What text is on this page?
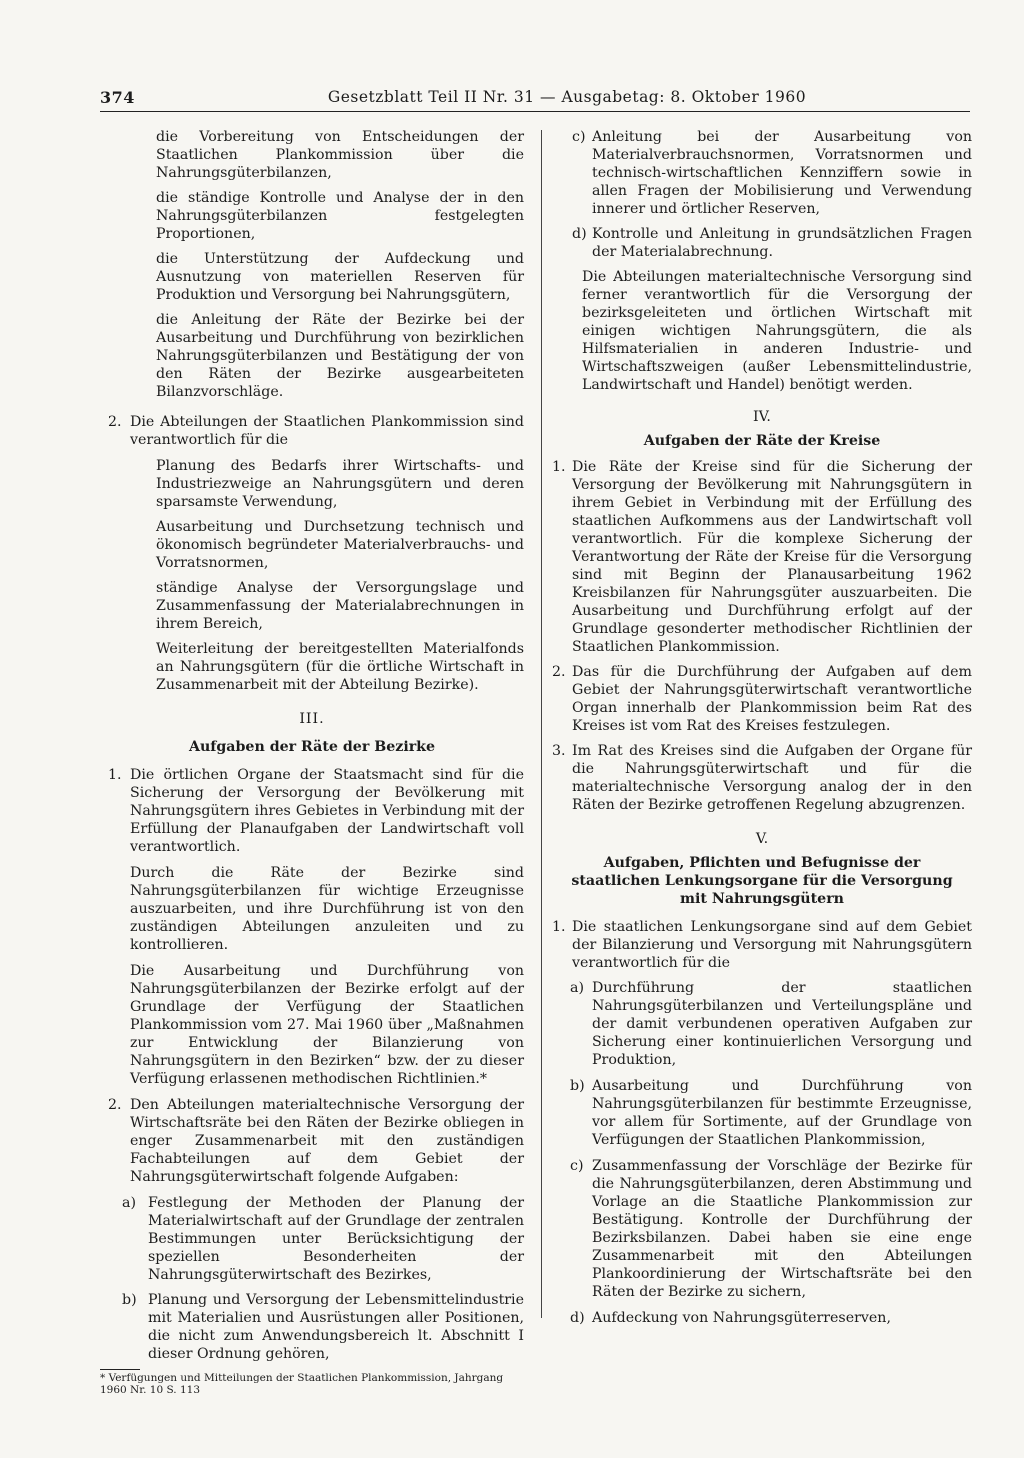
374	Gesetzblatt Teil II Nr. 31 — Ausgabetag: 8. Oktober 1960

die Vorbereitung von Entscheidungen der Staatlichen Plankommission über die Nahrungsgüterbilanzen,

die ständige Kontrolle und Analyse der in den Nahrungsgüterbilanzen festgelegten Proportionen,

die Unterstützung der Aufdeckung und Ausnutzung von materiellen Reserven für Produktion und Versorgung bei Nahrungsgütern,

die Anleitung der Räte der Bezirke bei der Ausarbeitung und Durchführung von bezirklichen Nahrungsgüterbilanzen und Bestätigung der von den Räten der Bezirke ausgearbeiteten Bilanzvorschläge.

2. Die Abteilungen der Staatlichen Plankommission sind verantwortlich für die

Planung des Bedarfs ihrer Wirtschafts- und Industriezweige an Nahrungsgütern und deren sparsamste Verwendung,

Ausarbeitung und Durchsetzung technisch und ökonomisch begründeter Materialverbrauchs- und Vorratsnormen,

ständige Analyse der Versorgungslage und Zusammenfassung der Materialabrechnungen in ihrem Bereich,

Weiterleitung der bereitgestellten Materialfonds an Nahrungsgütern (für die örtliche Wirtschaft in Zusammenarbeit mit der Abteilung Bezirke).

III.
Aufgaben der Räte der Bezirke
1. Die örtlichen Organe der Staatsmacht sind für die Sicherung der Versorgung der Bevölkerung mit Nahrungsgütern ihres Gebietes in Verbindung mit der Erfüllung der Planaufgaben der Landwirtschaft voll verantwortlich.

Durch die Räte der Bezirke sind Nahrungsgüterbilanzen für wichtige Erzeugnisse auszuarbeiten, und ihre Durchführung ist von den zuständigen Abteilungen anzuleiten und zu kontrollieren.

Die Ausarbeitung und Durchführung von Nahrungsgüterbilanzen der Bezirke erfolgt auf der Grundlage der Verfügung der Staatlichen Plankommission vom 27. Mai 1960 über „Maßnahmen zur Entwicklung der Bilanzierung von Nahrungsgütern in den Bezirken“ bzw. der zu dieser Verfügung erlassenen methodischen Richtlinien.*

2. Den Abteilungen materialtechnische Versorgung der Wirtschaftsräte bei den Räten der Bezirke obliegen in enger Zusammenarbeit mit den zuständigen Fachabteilungen auf dem Gebiet der Nahrungsgüterwirtschaft folgende Aufgaben:
a) Festlegung der Methoden der Planung der Materialwirtschaft auf der Grundlage der zentralen Bestimmungen unter Berücksichtigung der speziellen Besonderheiten der Nahrungsgüterwirtschaft des Bezirkes,
b) Planung und Versorgung der Lebensmittelindustrie mit Materialien und Ausrüstungen aller Positionen, die nicht zum Anwendungsbereich lt. Abschnitt I dieser Ordnung gehören,

* Verfügungen und Mitteilungen der Staatlichen Plankommission, Jahrgang 1960 Nr. 10 S. 113

c) Anleitung bei der Ausarbeitung von Materialverbrauchsnormen, Vorratsnormen und technisch-wirtschaftlichen Kennziffern sowie in allen Fragen der Mobilisierung und Verwendung innerer und örtlicher Reserven,
d) Kontrolle und Anleitung in grundsätzlichen Fragen der Materialabrechnung.

Die Abteilungen materialtechnische Versorgung sind ferner verantwortlich für die Versorgung der bezirksgeleiteten und örtlichen Wirtschaft mit einigen wichtigen Nahrungsgütern, die als Hilfsmaterialien in anderen Industrie- und Wirtschaftszweigen (außer Lebensmittelindustrie, Landwirtschaft und Handel) benötigt werden.

IV.
Aufgaben der Räte der Kreise
1. Die Räte der Kreise sind für die Sicherung der Versorgung der Bevölkerung mit Nahrungsgütern in ihrem Gebiet in Verbindung mit der Erfüllung des staatlichen Aufkommens aus der Landwirtschaft voll verantwortlich. Für die komplexe Sicherung der Verantwortung der Räte der Kreise für die Versorgung sind mit Beginn der Planausarbeitung 1962 Kreisbilanzen für Nahrungsgüter auszuarbeiten. Die Ausarbeitung und Durchführung erfolgt auf der Grundlage gesonderter methodischer Richtlinien der Staatlichen Plankommission.
2. Das für die Durchführung der Aufgaben auf dem Gebiet der Nahrungsgüterwirtschaft verantwortliche Organ innerhalb der Plankommission beim Rat des Kreises ist vom Rat des Kreises festzulegen.
3. Im Rat des Kreises sind die Aufgaben der Organe für die Nahrungsgüterwirtschaft und für die materialtechnische Versorgung analog der in den Räten der Bezirke getroffenen Regelung abzugrenzen.
V.
Aufgaben, Pflichten und Befugnisse der staatlichen Lenkungsorgane für die Versorgung mit Nahrungsgütern
1. Die staatlichen Lenkungsorgane sind auf dem Gebiet der Bilanzierung und Versorgung mit Nahrungsgütern verantwortlich für die
a) Durchführung der staatlichen Nahrungsgüterbilanzen und Verteilungspläne und der damit verbundenen operativen Aufgaben zur Sicherung einer kontinuierlichen Versorgung und Produktion,
b) Ausarbeitung und Durchführung von Nahrungsgüterbilanzen für bestimmte Erzeugnisse, vor allem für Sortimente, auf der Grundlage von Verfügungen der Staatlichen Plankommission,
c) Zusammenfassung der Vorschläge der Bezirke für die Nahrungsgüterbilanzen, deren Abstimmung und Vorlage an die Staatliche Plankommission zur Bestätigung. Kontrolle der Durchführung der Bezirksbilanzen. Dabei haben sie eine enge Zusammenarbeit mit den Abteilungen Plankoordinierung der Wirtschaftsräte bei den Räten der Bezirke zu sichern,
d) Aufdeckung von Nahrungsgüterreserven,
